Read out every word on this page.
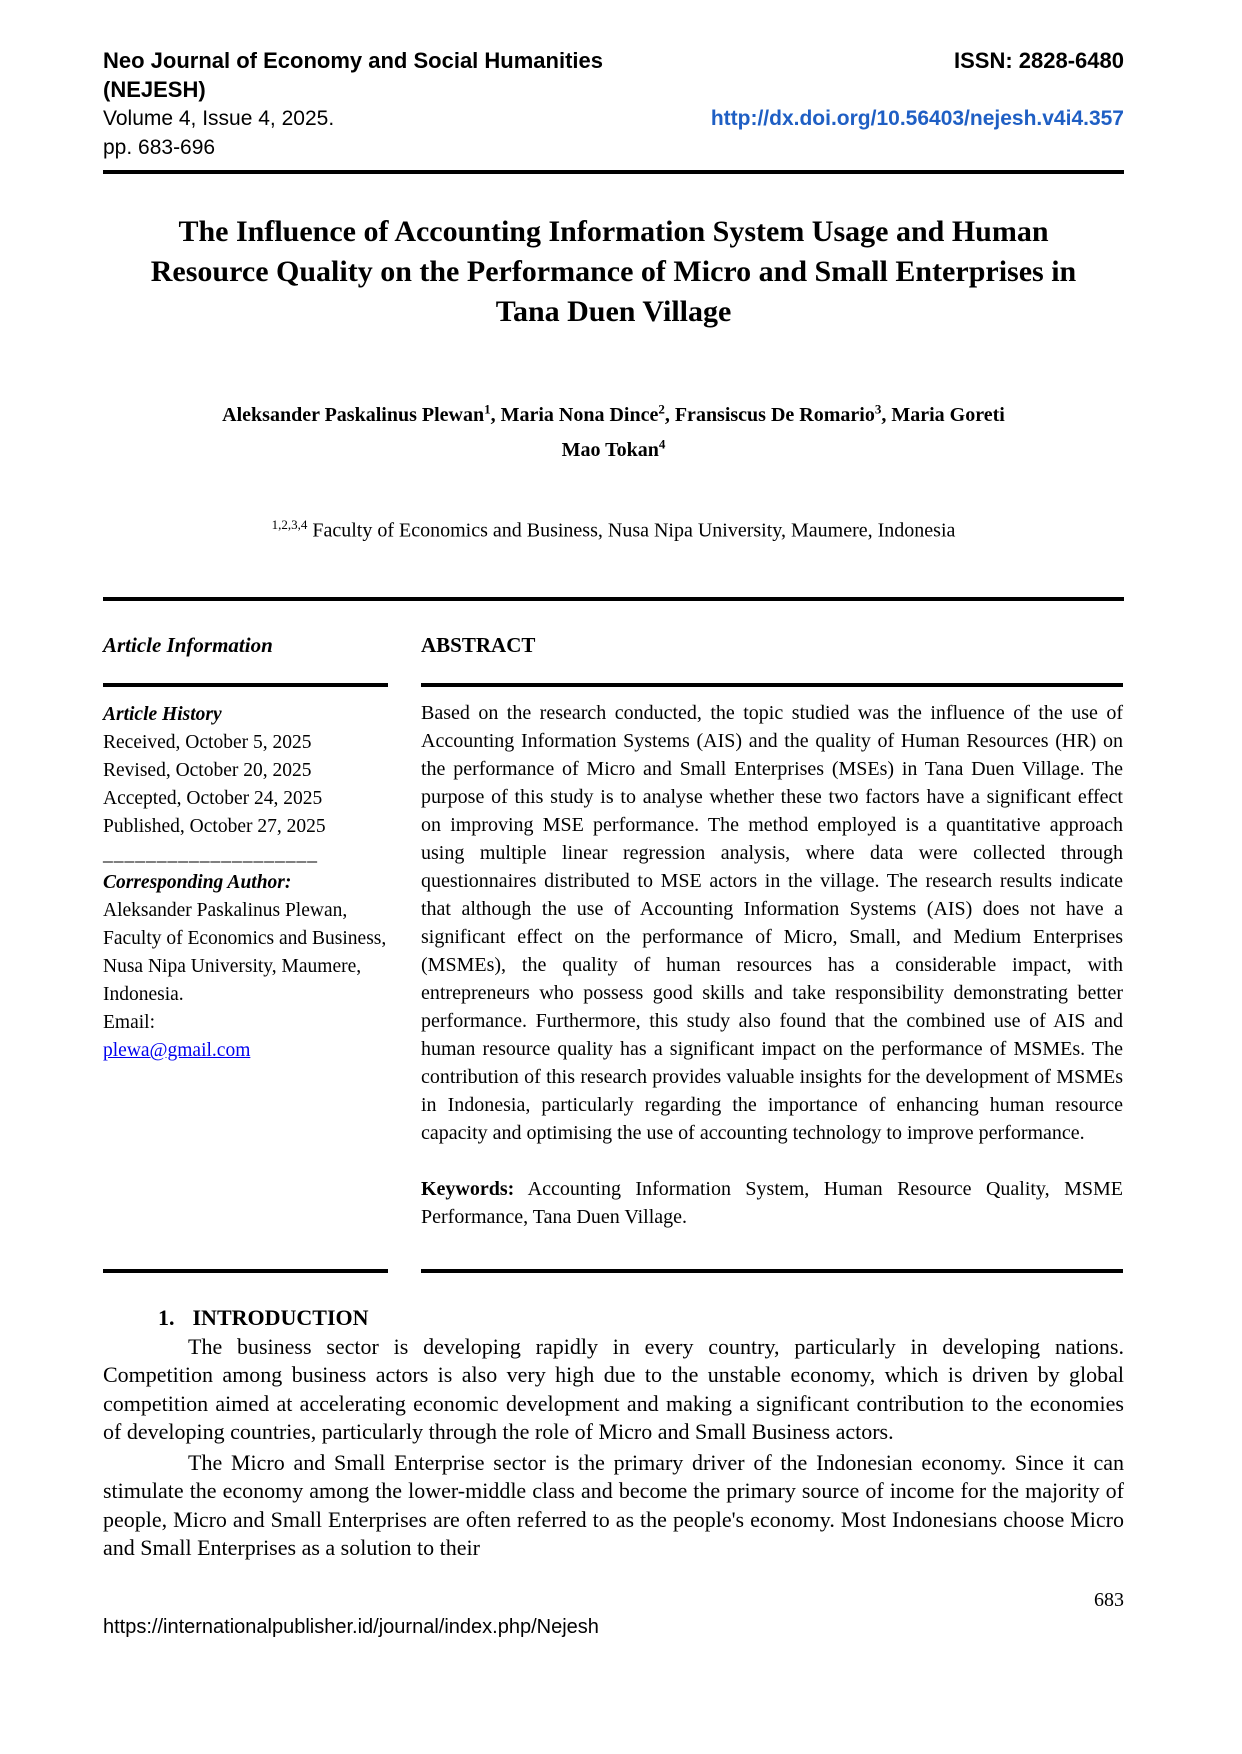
Neo Journal of Economy and Social Humanities (NEJESH)
Volume 4, Issue 4, 2025.
pp. 683-696
ISSN: 2828-6480

http://dx.doi.org/10.56403/nejesh.v4i4.357
The Influence of Accounting Information System Usage and Human Resource Quality on the Performance of Micro and Small Enterprises in Tana Duen Village
Aleksander Paskalinus Plewan$^1$, Maria Nona Dince$^2$, Fransiscus De Romario$^3$, Maria Goreti Mao Tokan$^4$
$^{1,2,3,4}$ Faculty of Economics and Business, Nusa Nipa University, Maumere, Indonesia
Article Information
Article History
Received, October 5, 2025
Revised, October 20, 2025
Accepted, October 24, 2025
Published, October 27, 2025
____________________
Corresponding Author:
Aleksander Paskalinus Plewan, Faculty of Economics and Business, Nusa Nipa University, Maumere, Indonesia.
Email:
plewa@gmail.com
ABSTRACT
Based on the research conducted, the topic studied was the influence of the use of Accounting Information Systems (AIS) and the quality of Human Resources (HR) on the performance of Micro and Small Enterprises (MSEs) in Tana Duen Village. The purpose of this study is to analyse whether these two factors have a significant effect on improving MSE performance. The method employed is a quantitative approach using multiple linear regression analysis, where data were collected through questionnaires distributed to MSE actors in the village. The research results indicate that although the use of Accounting Information Systems (AIS) does not have a significant effect on the performance of Micro, Small, and Medium Enterprises (MSMEs), the quality of human resources has a considerable impact, with entrepreneurs who possess good skills and take responsibility demonstrating better performance. Furthermore, this study also found that the combined use of AIS and human resource quality has a significant impact on the performance of MSMEs. The contribution of this research provides valuable insights for the development of MSMEs in Indonesia, particularly regarding the importance of enhancing human resource capacity and optimising the use of accounting technology to improve performance.
Keywords: Accounting Information System, Human Resource Quality, MSME Performance, Tana Duen Village.
1. INTRODUCTION

The business sector is developing rapidly in every country, particularly in developing nations. Competition among business actors is also very high due to the unstable economy, which is driven by global competition aimed at accelerating economic development and making a significant contribution to the economies of developing countries, particularly through the role of Micro and Small Business actors.

The Micro and Small Enterprise sector is the primary driver of the Indonesian economy. Since it can stimulate the economy among the lower-middle class and become the primary source of income for the majority of people, Micro and Small Enterprises are often referred to as the people's economy. Most Indonesians choose Micro and Small Enterprises as a solution to their

683
https://internationalpublisher.id/journal/index.php/Nejesh
